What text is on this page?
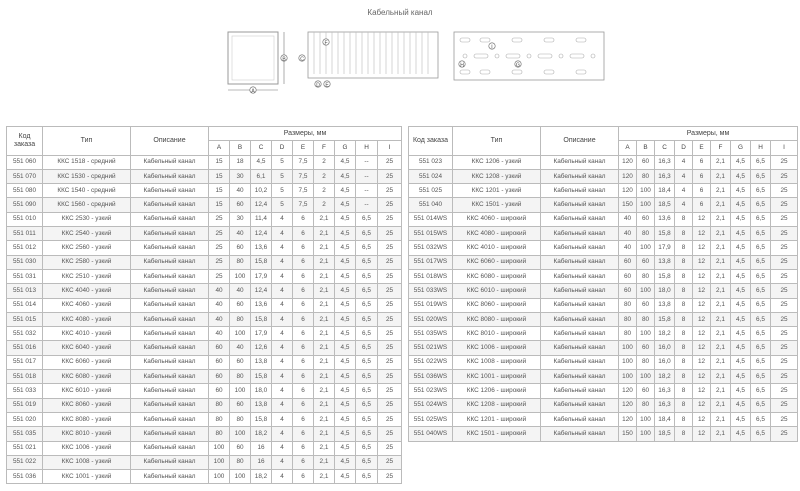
Кабельный канал
A
B	C
F
D E
I
H	G
Код заказа	Тип	Описание	Размеры, мм								
			A	B	C	D	E	F	G	H	I
551 060	ККС 1518 - средний	Кабельный канал	15	18	4,5	5	7,5	2	4,5	--	25
551 070	ККС 1530 - средний	Кабельный канал	15	30	6,1	5	7,5	2	4,5	--	25
551 080	ККС 1540 - средний	Кабельный канал	15	40	10,2	5	7,5	2	4,5	--	25
551 090	ККС 1560 - средний	Кабельный канал	15	60	12,4	5	7,5	2	4,5	--	25
551 010	ККС 2530 - узкий	Кабельный канал	25	30	11,4	4	6	2,1	4,5	6,5	25
551 011	ККС 2540 - узкий	Кабельный канал	25	40	12,4	4	6	2,1	4,5	6,5	25
551 012	ККС 2560 - узкий	Кабельный канал	25	60	13,6	4	6	2,1	4,5	6,5	25
551 030	ККС 2580 - узкий	Кабельный канал	25	80	15,8	4	6	2,1	4,5	6,5	25
551 031	ККС 2510 - узкий	Кабельный канал	25	100	17,9	4	6	2,1	4,5	6,5	25
551 013	ККС 4040 - узкий	Кабельный канал	40	40	12,4	4	6	2,1	4,5	6,5	25
551 014	ККС 4060 - узкий	Кабельный канал	40	60	13,6	4	6	2,1	4,5	6,5	25
551 015	ККС 4080 - узкий	Кабельный канал	40	80	15,8	4	6	2,1	4,5	6,5	25
551 032	ККС 4010 - узкий	Кабельный канал	40	100	17,9	4	6	2,1	4,5	6,5	25
551 016	ККС 6040 - узкий	Кабельный канал	60	40	12,6	4	6	2,1	4,5	6,5	25
551 017	ККС 6060 - узкий	Кабельный канал	60	60	13,8	4	6	2,1	4,5	6,5	25
551 018	ККС 6080 - узкий	Кабельный канал	60	80	15,8	4	6	2,1	4,5	6,5	25
551 033	ККС 6010 - узкий	Кабельный канал	60	100	18,0	4	6	2,1	4,5	6,5	25
551 019	ККС 8060 - узкий	Кабельный канал	80	60	13,8	4	6	2,1	4,5	6,5	25
551 020	ККС 8080 - узкий	Кабельный канал	80	80	15,8	4	6	2,1	4,5	6,5	25
551 035	ККС 8010 - узкий	Кабельный канал	80	100	18,2	4	6	2,1	4,5	6,5	25
551 021	ККС 1006 - узкий	Кабельный канал	100	60	16	4	6	2,1	4,5	6,5	25
551 022	ККС 1008 - узкий	Кабельный канал	100	80	16	4	6	2,1	4,5	6,5	25
551 036	ККС 1001 - узкий	Кабельный канал	100	100	18,2	4	6	2,1	4,5	6,5	25
Код заказа	Тип	Описание	Размеры, мм								
			A	B	C	D	E	F	G	H	I
551 023	ККС 1206 - узкий	Кабельный канал	120	60	16,3	4	6	2,1	4,5	6,5	25
551 024	ККС 1208 - узкий	Кабельный канал	120	80	16,3	4	6	2,1	4,5	6,5	25
551 025	ККС 1201 - узкий	Кабельный канал	120	100	18,4	4	6	2,1	4,5	6,5	25
551 040	ККС 1501 - узкий	Кабельный канал	150	100	18,5	4	6	2,1	4,5	6,5	25
551 014WS	ККС 4060 - широкий	Кабельный канал	40	60	13,6	8	12	2,1	4,5	6,5	25
551 015WS	ККС 4080 - широкий	Кабельный канал	40	80	15,8	8	12	2,1	4,5	6,5	25
551 032WS	ККС 4010 - широкий	Кабельный канал	40	100	17,9	8	12	2,1	4,5	6,5	25
551 017WS	ККС 6060 - широкий	Кабельный канал	60	60	13,8	8	12	2,1	4,5	6,5	25
551 018WS	ККС 6080 - широкий	Кабельный канал	60	80	15,8	8	12	2,1	4,5	6,5	25
551 033WS	ККС 6010 - широкий	Кабельный канал	60	100	18,0	8	12	2,1	4,5	6,5	25
551 019WS	ККС 8060 - широкий	Кабельный канал	80	60	13,8	8	12	2,1	4,5	6,5	25
551 020WS	ККС 8080 - широкий	Кабельный канал	80	80	15,8	8	12	2,1	4,5	6,5	25
551 035WS	ККС 8010 - широкий	Кабельный канал	80	100	18,2	8	12	2,1	4,5	6,5	25
551 021WS	ККС 1006 - широкий	Кабельный канал	100	60	16,0	8	12	2,1	4,5	6,5	25
551 022WS	ККС 1008 - широкий	Кабельный канал	100	80	16,0	8	12	2,1	4,5	6,5	25
551 036WS	ККС 1001 - широкий	Кабельный канал	100	100	18,2	8	12	2,1	4,5	6,5	25
551 023WS	ККС 1206 - широкий	Кабельный канал	120	60	16,3	8	12	2,1	4,5	6,5	25
551 024WS	ККС 1208 - широкий	Кабельный канал	120	80	16,3	8	12	2,1	4,5	6,5	25
551 025WS	ККС 1201 - широкий	Кабельный канал	120	100	18,4	8	12	2,1	4,5	6,5	25
551 040WS	ККС 1501 - широкий	Кабельный канал	150	100	18,5	8	12	2,1	4,5	6,5	25
